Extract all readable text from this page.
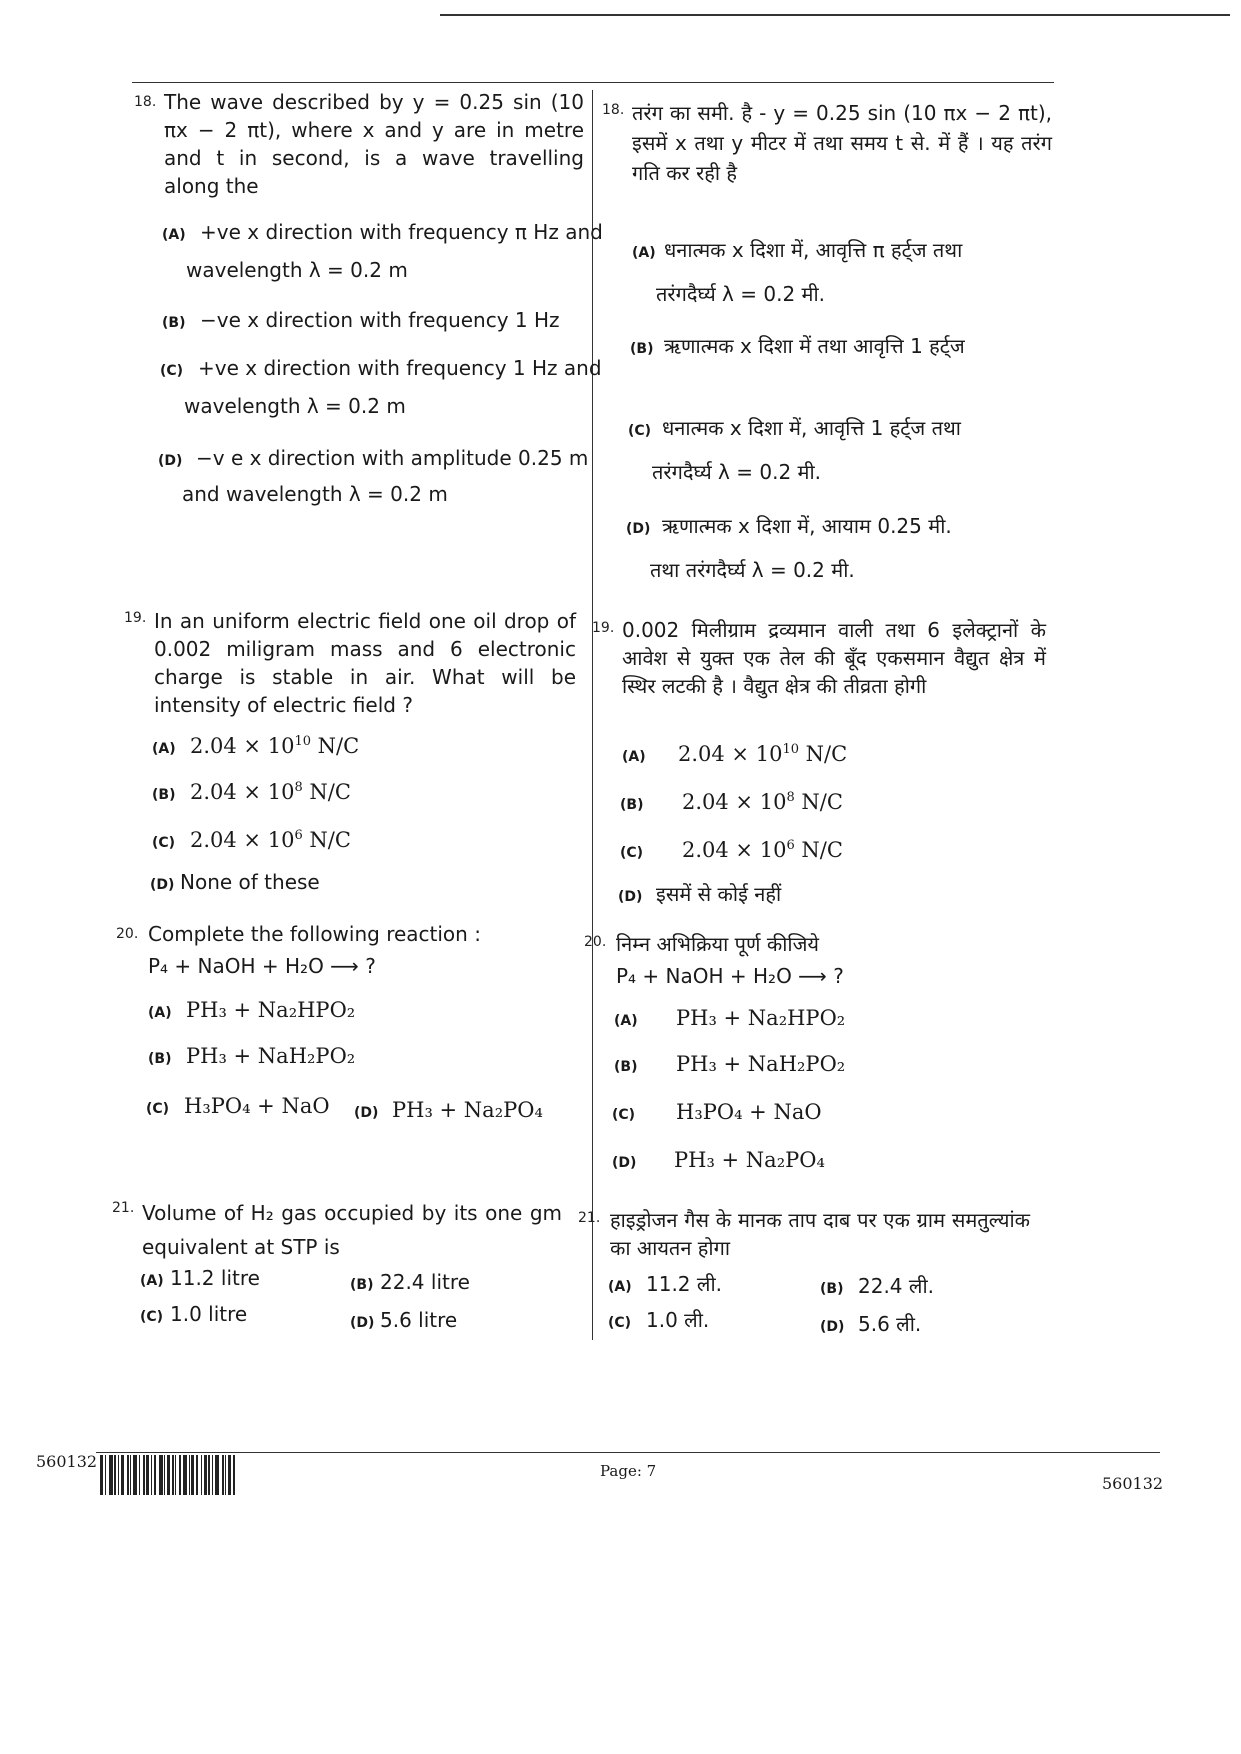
18. The wave described by y = 0.25 sin (10 πx − 2 πt), where x and y are in metre and t in second, is a wave travelling along the
(A) +ve x direction with frequency π Hz and
wavelength λ = 0.2 m
(B) −ve x direction with frequency 1 Hz
(C) +ve x direction with frequency 1 Hz and
wavelength λ = 0.2 m
(D) −v e x direction with amplitude 0.25 m
and wavelength λ = 0.2 m
19. In an uniform electric field one oil drop of 0.002 miligram mass and 6 electronic charge is stable in air. What will be intensity of electric field ?
(A) $2.04 \times 10^{10}$ N/C
(B) $2.04 \times 10^8$ N/C
(C) $2.04 \times 10^6$ N/C
(D) None of these
20. Complete the following reaction :
P₄ + NaOH + H₂O ⟶ ?
(A) PH₃ + Na₂HPO₂
(B) PH₃ + NaH₂PO₂
(C) H₃PO₄ + NaO (D) PH₃ + Na₂PO₄
21. Volume of H₂ gas occupied by its one gm equivalent at STP is
(A) 11.2 litre	(B) 22.4 litre
(C) 1.0 litre	(D) 5.6 litre
18. तरंग का समी. है - y = 0.25 sin (10 πx − 2 πt), इसमें x तथा y मीटर में तथा समय t से. में हैं । यह तरंग गति कर रही है
(A) धनात्मक x दिशा में, आवृत्ति π हर्ट्ज तथा
तरंगदैर्घ्य λ = 0.2 मी.
(B) ऋणात्मक x दिशा में तथा आवृत्ति 1 हर्ट्ज
(C) धनात्मक x दिशा में, आवृत्ति 1 हर्ट्ज तथा
तरंगदैर्घ्य λ = 0.2 मी.
(D) ऋणात्मक x दिशा में, आयाम 0.25 मी.
तथा तरंगदैर्घ्य λ = 0.2 मी.
19. 0.002 मिलीग्राम द्रव्यमान वाली तथा 6 इलेक्ट्रानों के आवेश से युक्त एक तेल की बूँद एकसमान वैद्युत क्षेत्र में स्थिर लटकी है । वैद्युत क्षेत्र की तीव्रता होगी
(A) $2.04 \times 10^{10}$ N/C
(B) $2.04 \times 10^8$ N/C
(C) $2.04 \times 10^6$ N/C
(D) इसमें से कोई नहीं
20. निम्न अभिक्रिया पूर्ण कीजिये
P₄ + NaOH + H₂O ⟶ ?
(A) PH₃ + Na₂HPO₂
(B) PH₃ + NaH₂PO₂
(C) H₃PO₄ + NaO
(D) PH₃ + Na₂PO₄
21. हाइड्रोजन गैस के मानक ताप दाब पर एक ग्राम समतुल्यांक का आयतन होगा
(A) 11.2 ली.	(B) 22.4 ली.
(C) 1.0 ली.	(D) 5.6 ली.
560132	Page: 7
560132
